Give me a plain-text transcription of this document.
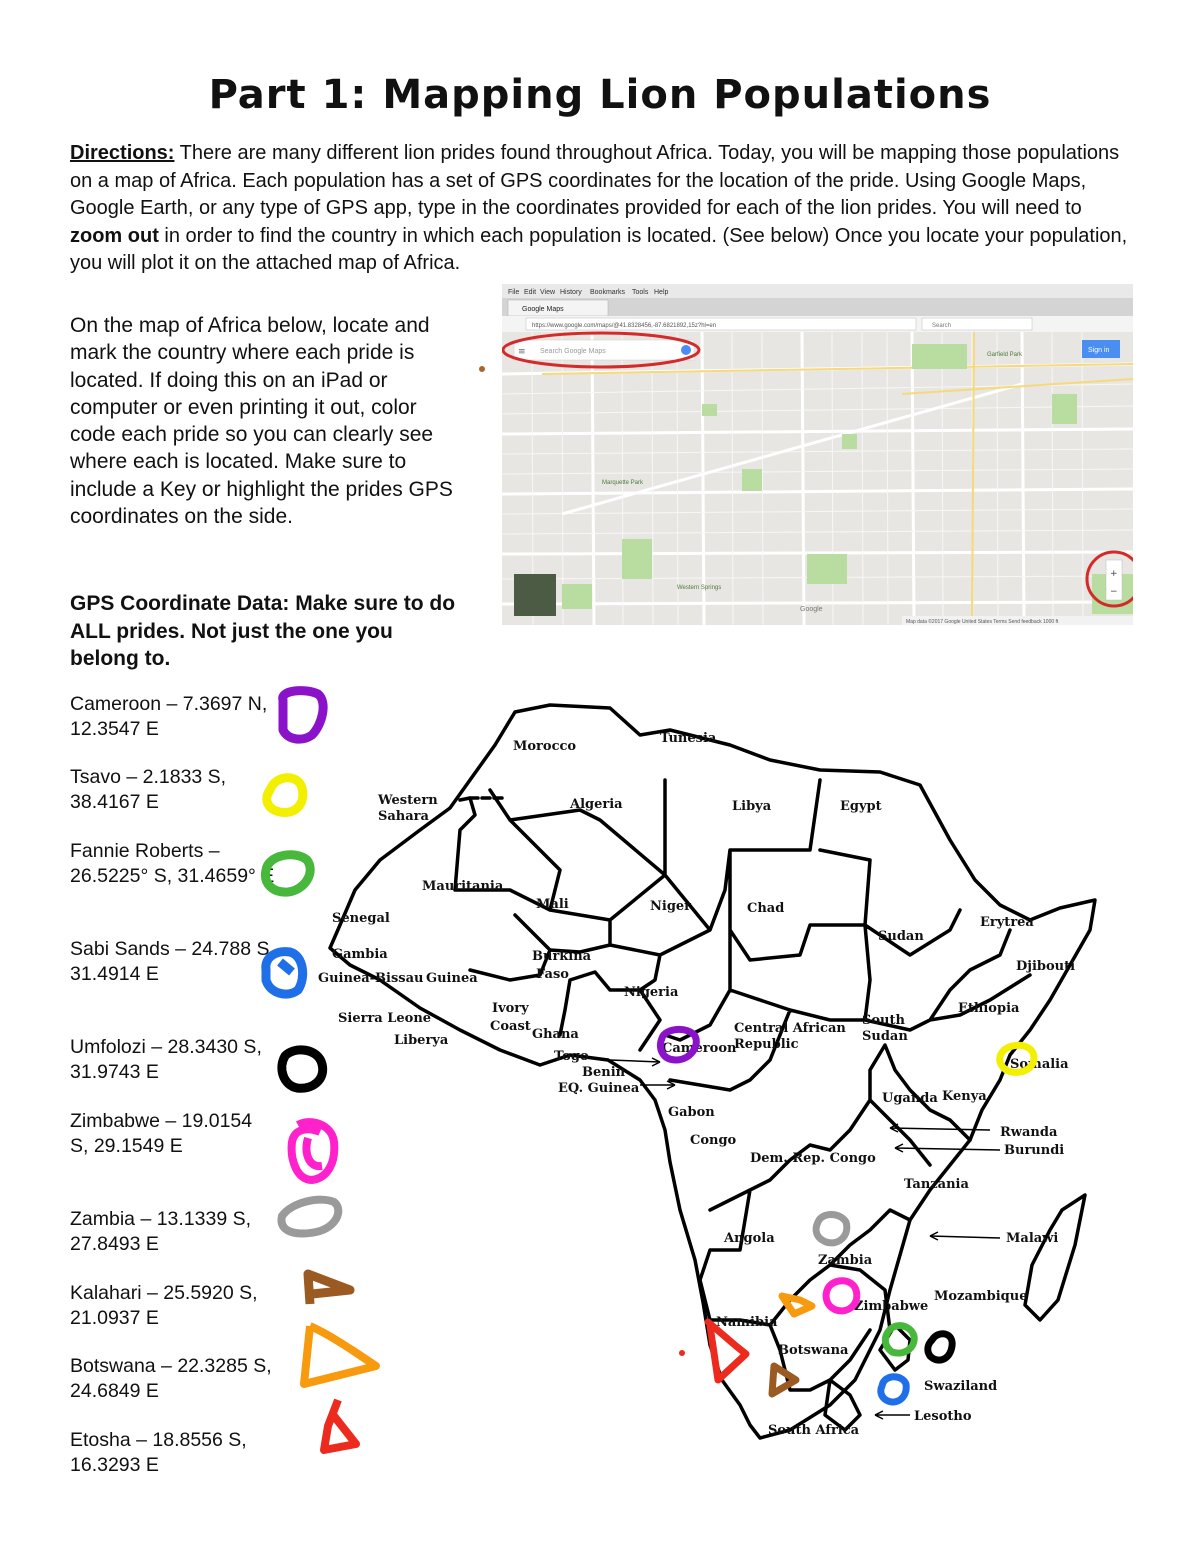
Part 1: Mapping Lion Populations
Directions: There are many different lion prides found throughout Africa. Today, you will be mapping those populations on a map of Africa. Each population has a set of GPS coordinates for the location of the pride. Using Google Maps, Google Earth, or any type of GPS app, type in the coordinates provided for each of the lion prides. You will need to zoom out in order to find the country in which each population is located. (See below) Once you locate your population, you will plot it on the attached map of Africa.
On the map of Africa below, locate and mark the country where each pride is located. If doing this on an iPad or computer or even printing it out, color code each pride so you can clearly see where each is located. Make sure to include a Key or highlight the prides GPS coordinates on the side.
GPS Coordinate Data: Make sure to do ALL prides. Not just the one you belong to.
Cameroon – 7.3697 N, 12.3547 E
Tsavo – 2.1833 S, 38.4167 E
Fannie Roberts – 26.5225° S, 31.4659° E
Sabi Sands – 24.788 S, 31.4914 E
Umfolozi – 28.3430 S, 31.9743 E
Zimbabwe – 19.0154 S, 29.1549 E
Zambia – 13.1339 S, 27.8493 E
Kalahari – 25.5920 S, 21.0937 E
Botswana – 22.3285 S, 24.6849 E
Etosha – 18.8556 S, 16.3293 E
File Edit View History Bookmarks Tools Help
Google Maps
https://www.google.com/maps/@41.8328456,-87.6821892,15z?hl=en	Search
Garfield Park
Marquette Park
Western Springs
Google
Search Google Maps
≡	Sign in
+
−
Map data ©2017 Google United States Terms Send feedback 1000 ft
Morocco
Tunesia
Western
Sahara
Algeria	Libya	Egypt
Mauritania
Mali	Niger	Chad
Sudan
Senegal	Erytrea
Gambia	Burkina
Faso
Guinea-Bissau Guinea
Djibouti
Nigeria
Ethiopia
Sierra Leone
Ivory
Coast
Liberya	Ghana
Togo
Cameroon
Central African
Republic
South
Sudan
Somalia
Benin
EQ. Guinea
Uganda Kenya
Gabon
Rwanda
Congo
Burundi
Dem. Rep. Congo
Tanzania
Angola	Malawi
Zambia
Zimbabwe
Mozambique
Namibia
Botswana
Swaziland
Lesotho
South Africa
